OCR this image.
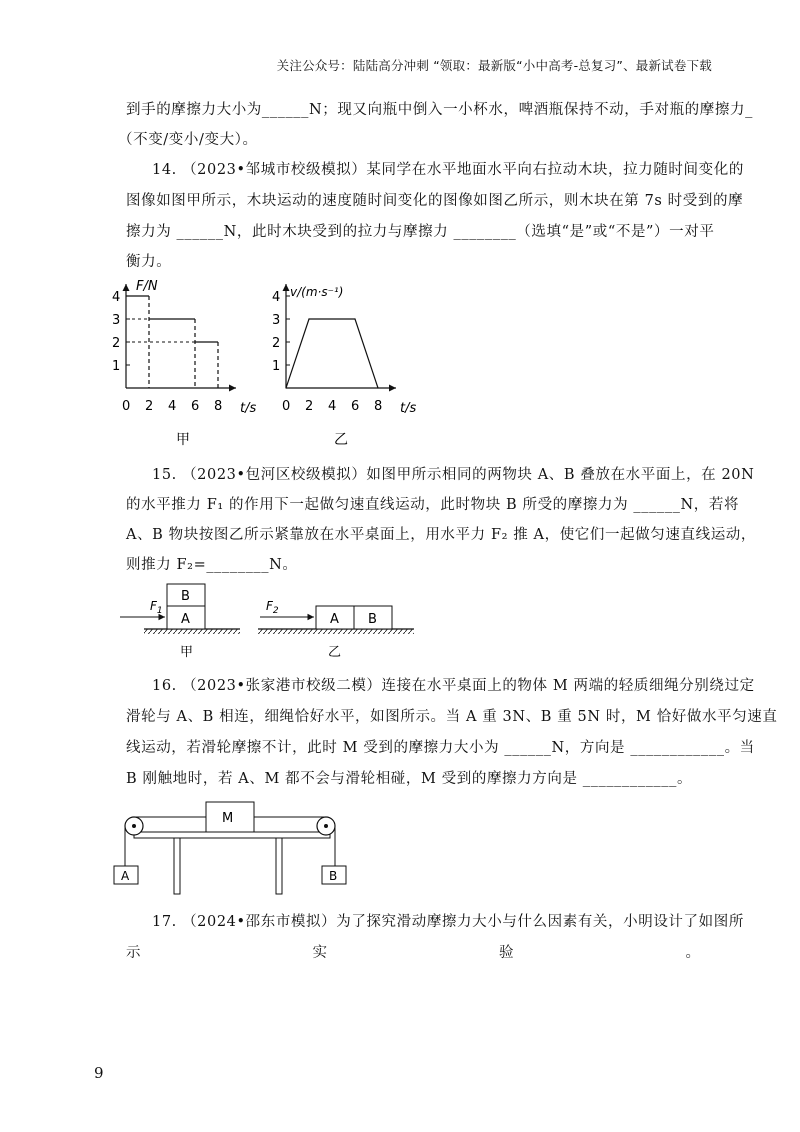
关注公众号：陆陆高分冲刺 “领取：最新版“小中高考-总复习”、最新试卷下载
到手的摩擦力大小为______N；现又向瓶中倒入一小杯水，啤酒瓶保持不动，手对瓶的摩擦力_
（不变/变小/变大）。
14. （2023•邹城市校级模拟）某同学在水平地面水平向右拉动木块，拉力随时间变化的
图像如图甲所示，木块运动的速度随时间变化的图像如图乙所示，则木块在第 7s 时受到的摩
擦力为 ______N，此时木块受到的拉力与摩擦力 ________（选填“是”或“不是”）一对平
衡力。
F/N
t/s
1
2
3
4
0 2 4 6 8
甲
v/(m·s⁻¹)
t/s
1
2
3
4
0 2 4 6 8
乙
15. （2023•包河区校级模拟）如图甲所示相同的两物块 A、B 叠放在水平面上，在 20N
的水平推力 F₁ 的作用下一起做匀速直线运动，此时物块 B 所受的摩擦力为 ______N，若将
A、B 物块按图乙所示紧靠放在水平桌面上，用水平力 F₂ 推 A，使它们一起做匀速直线运动，
则推力 F₂=________N。
B
A
$F_1$
甲
A B
$F_2$
乙
16. （2023•张家港市校级二模）连接在水平桌面上的物体 M 两端的轻质细绳分别绕过定
滑轮与 A、B 相连，细绳恰好水平，如图所示。当 A 重 3N、B 重 5N 时，M 恰好做水平匀速直
线运动，若滑轮摩擦不计，此时 M 受到的摩擦力大小为 ______N，方向是 ____________。当
B 刚触地时，若 A、M 都不会与滑轮相碰，M 受到的摩擦力方向是 ____________。
M
A	B
17. （2024•邵东市模拟）为了探究滑动摩擦力大小与什么因素有关，小明设计了如图所
示	实	验	。
9
